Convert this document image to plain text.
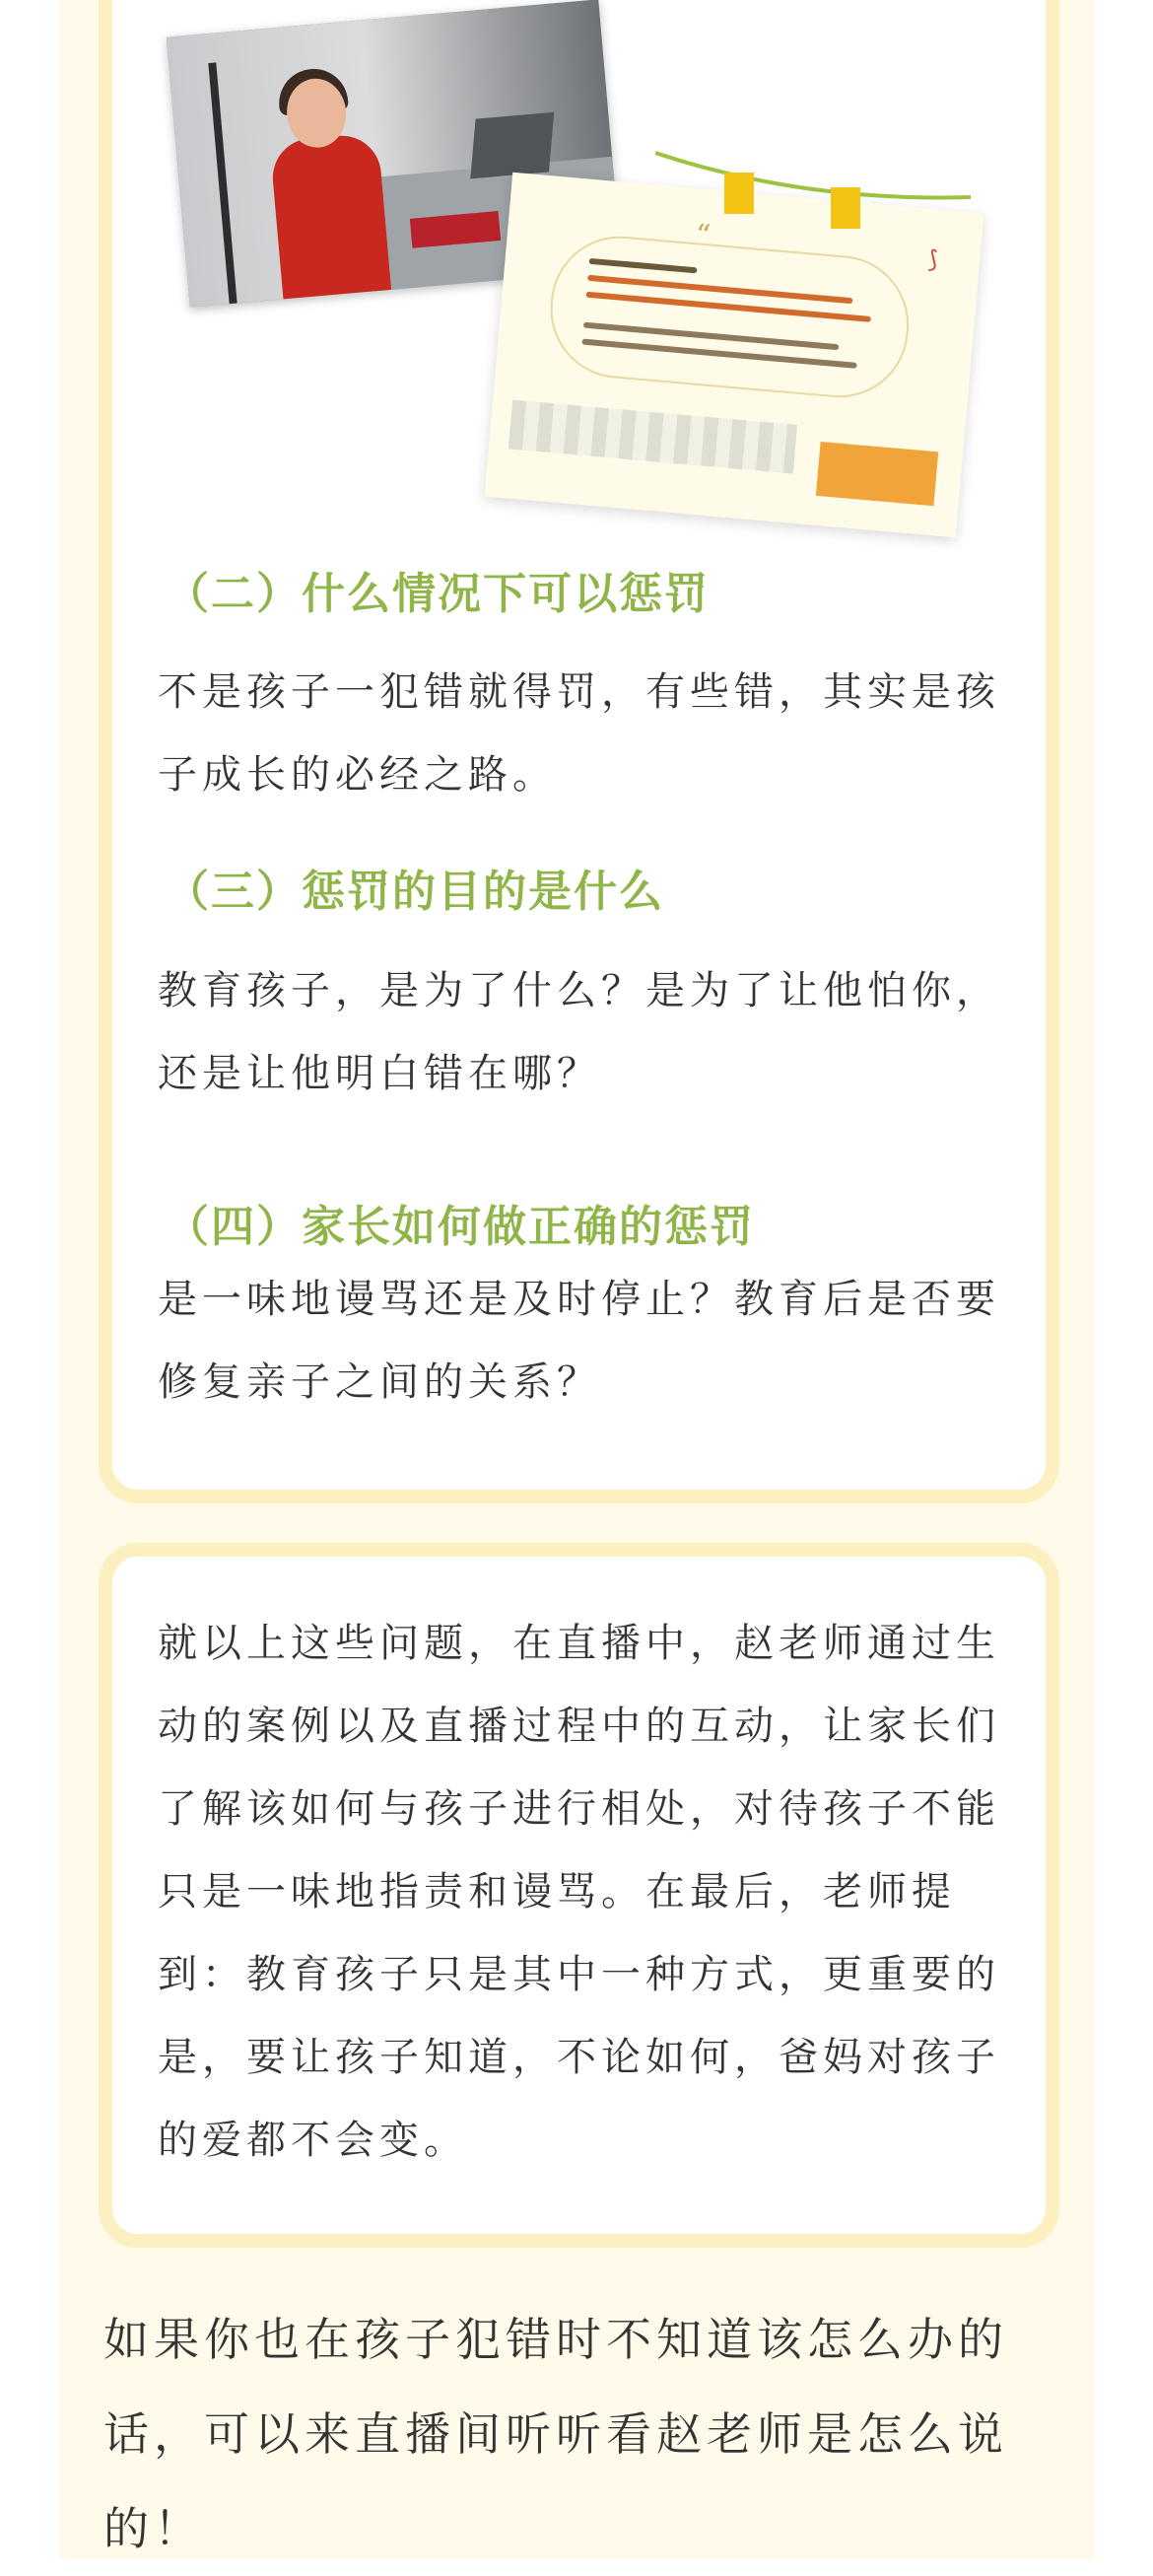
“
⟆
（二）什么情况下可以惩罚
不是孩子一犯错就得罚，有些错，其实是孩子成长的必经之路。
（三）惩罚的目的是什么
教育孩子，是为了什么？是为了让他怕你，还是让他明白错在哪？
（四）家长如何做正确的惩罚
是一味地谩骂还是及时停止？教育后是否要修复亲子之间的关系？
就以上这些问题，在直播中，赵老师通过生动的案例以及直播过程中的互动，让家长们了解该如何与孩子进行相处，对待孩子不能只是一味地指责和谩骂。在最后，老师提到：教育孩子只是其中一种方式，更重要的是，要让孩子知道，不论如何，爸妈对孩子的爱都不会变。
如果你也在孩子犯错时不知道该怎么办的话，可以来直播间听听看赵老师是怎么说的！
